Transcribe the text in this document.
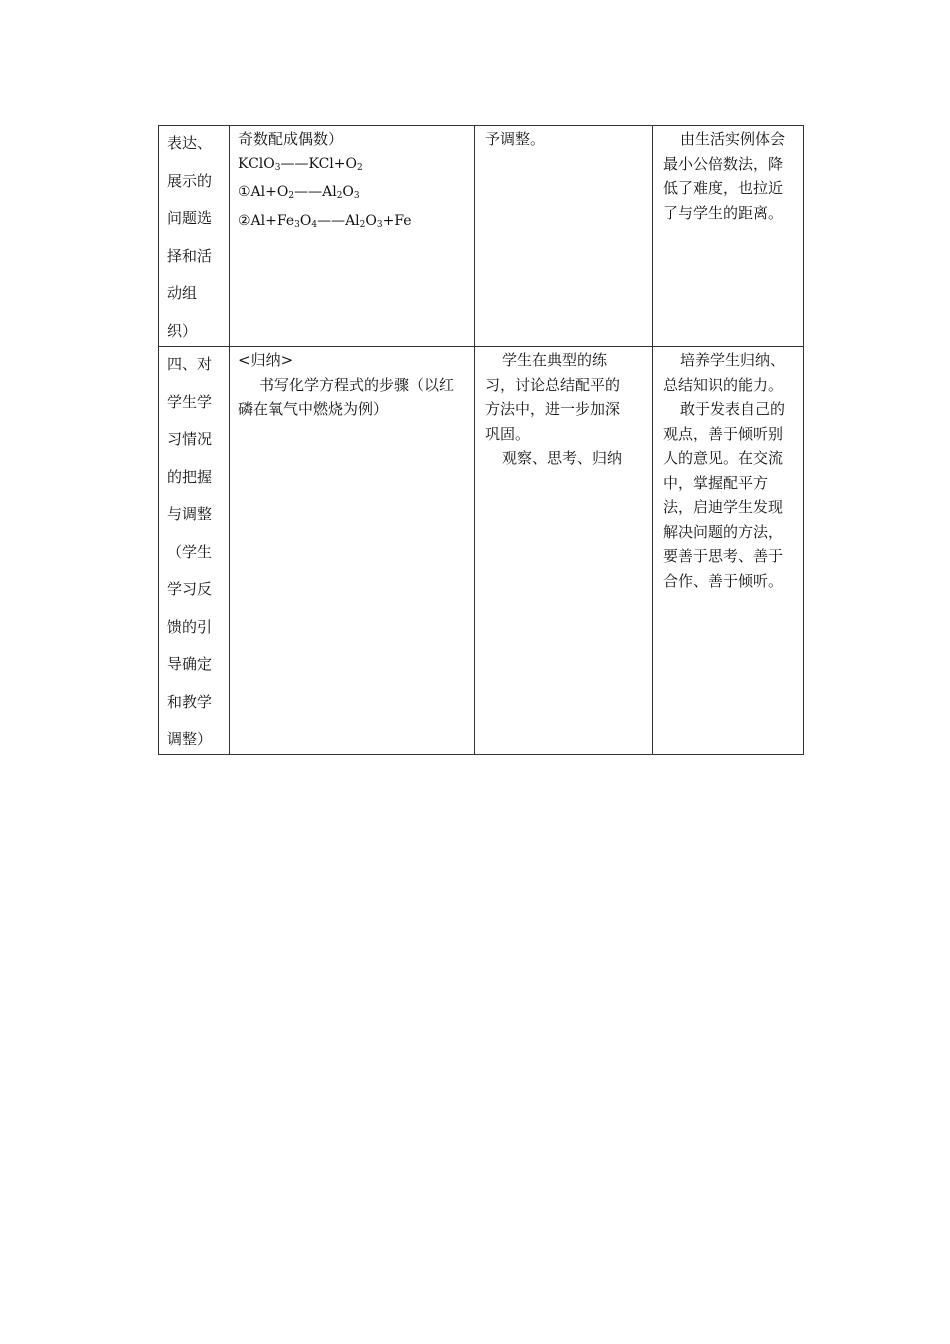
表达、
展示的
问题选
择和活
动组
织）
奇数配成偶数）
$KClO_3——KCl+O_2$
$①Al+O_2——Al_2O_3$
$②Al+Fe_3O_4——Al_2O_3+Fe$
予调整。	由生活实例体会
最小公倍数法，降
低了难度，也拉近
了与学生的距离。
四、对
学生学
习情况
的把握
与调整
（学生
学习反
馈的引
导确定
和教学
调整）
<归纳>
书写化学方程式的步骤（以红
磷在氧气中燃烧为例）
学生在典型的练
习，讨论总结配平的
方法中，进一步加深
巩固。
观察、思考、归纳
培养学生归纳、
总结知识的能力。
敢于发表自己的
观点，善于倾听别
人的意见。在交流
中，掌握配平方
法，启迪学生发现
解决问题的方法，
要善于思考、善于
合作、善于倾听。
